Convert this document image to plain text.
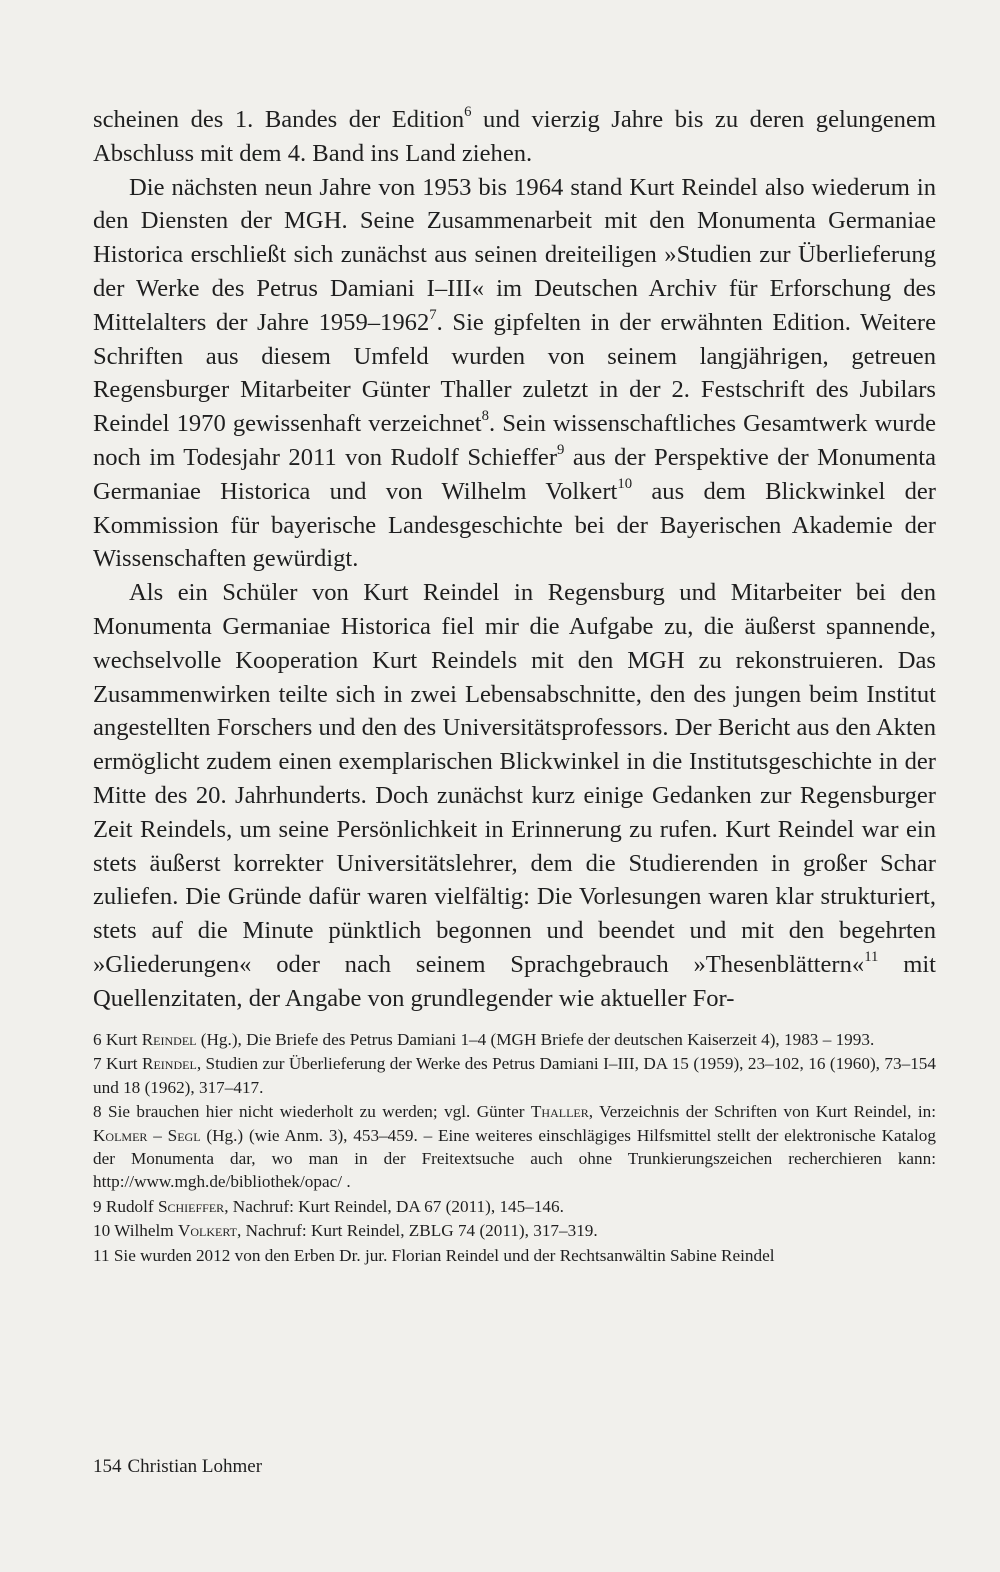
scheinen des 1. Bandes der Edition$^6$ und vierzig Jahre bis zu deren gelungenem Abschluss mit dem 4. Band ins Land ziehen.

Die nächsten neun Jahre von 1953 bis 1964 stand Kurt Reindel also wiederum in den Diensten der MGH. Seine Zusammenarbeit mit den Monumenta Germaniae Historica erschließt sich zunächst aus seinen dreiteiligen »Studien zur Überlieferung der Werke des Petrus Damiani I–III« im Deutschen Archiv für Erforschung des Mittelalters der Jahre 1959–1962$^7$. Sie gipfelten in der erwähnten Edition. Weitere Schriften aus diesem Umfeld wurden von seinem langjährigen, getreuen Regensburger Mitarbeiter Günter Thaller zuletzt in der 2. Festschrift des Jubilars Reindel 1970 gewissenhaft verzeichnet$^8$. Sein wissenschaftliches Gesamtwerk wurde noch im Todesjahr 2011 von Rudolf Schieffer$^9$ aus der Perspektive der Monumenta Germaniae Historica und von Wilhelm Volkert$^{10}$ aus dem Blickwinkel der Kommission für bayerische Landesgeschichte bei der Bayerischen Akademie der Wissenschaften gewürdigt.

Als ein Schüler von Kurt Reindel in Regensburg und Mitarbeiter bei den Monumenta Germaniae Historica fiel mir die Aufgabe zu, die äußerst spannende, wechselvolle Kooperation Kurt Reindels mit den MGH zu rekonstruieren. Das Zusammenwirken teilte sich in zwei Lebensabschnitte, den des jungen beim Institut angestellten Forschers und den des Universitätsprofessors. Der Bericht aus den Akten ermöglicht zudem einen exemplarischen Blickwinkel in die Institutsgeschichte in der Mitte des 20. Jahrhunderts. Doch zunächst kurz einige Gedanken zur Regensburger Zeit Reindels, um seine Persönlichkeit in Erinnerung zu rufen. Kurt Reindel war ein stets äußerst korrekter Universitätslehrer, dem die Studierenden in großer Schar zuliefen. Die Gründe dafür waren vielfältig: Die Vorlesungen waren klar strukturiert, stets auf die Minute pünktlich begonnen und beendet und mit den begehrten »Gliederungen« oder nach seinem Sprachgebrauch »Thesenblättern«$^{11}$ mit Quellenzitaten, der Angabe von grundlegender wie aktueller For-

6 Kurt Reindel (Hg.), Die Briefe des Petrus Damiani 1–4 (MGH Briefe der deutschen Kaiserzeit 4), 1983 – 1993.

7 Kurt Reindel, Studien zur Überlieferung der Werke des Petrus Damiani I–III, DA 15 (1959), 23–102, 16 (1960), 73–154 und 18 (1962), 317–417.

8 Sie brauchen hier nicht wiederholt zu werden; vgl. Günter Thaller, Verzeichnis der Schriften von Kurt Reindel, in: Kolmer – Segl (Hg.) (wie Anm. 3), 453–459. – Eine weiteres einschlägiges Hilfsmittel stellt der elektronische Katalog der Monumenta dar, wo man in der Freitextsuche auch ohne Trunkierungszeichen recherchieren kann: http://www.mgh.de/bibliothek/opac/ .

9 Rudolf Schieffer, Nachruf: Kurt Reindel, DA 67 (2011), 145–146.

10 Wilhelm Volkert, Nachruf: Kurt Reindel, ZBLG 74 (2011), 317–319.

11 Sie wurden 2012 von den Erben Dr. jur. Florian Reindel und der Rechtsanwältin Sabine Reindel

154 Christian Lohmer
